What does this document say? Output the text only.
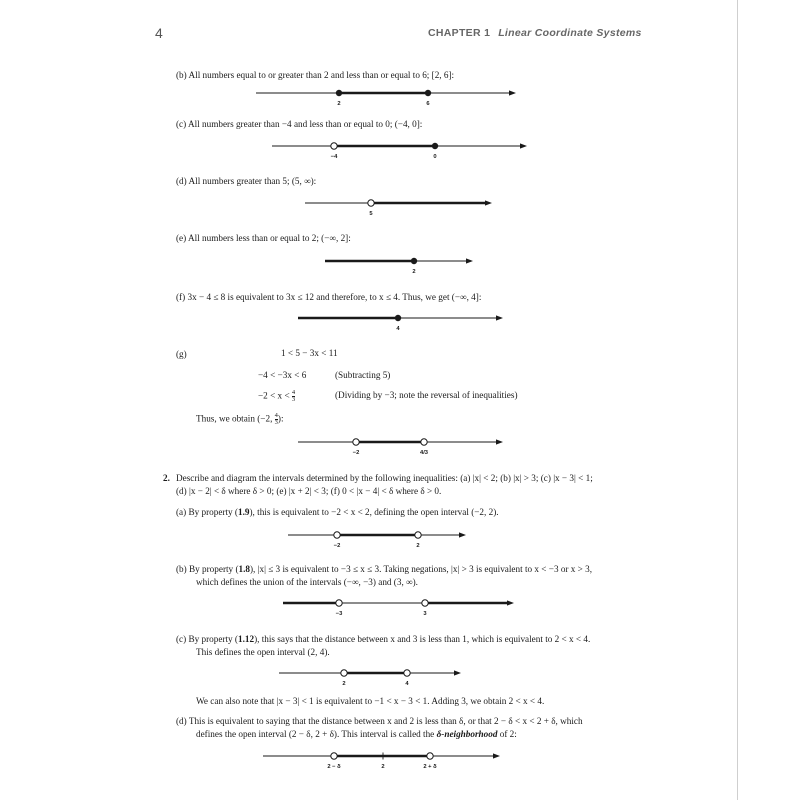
4	CHAPTER 1 Linear Coordinate Systems
(b) All numbers equal to or greater than 2 and less than or equal to 6; [2, 6]:
(c) All numbers greater than −4 and less than or equal to 0; (−4, 0]:
(d) All numbers greater than 5; (5, ∞):
(e) All numbers less than or equal to 2; (−∞, 2]:
(f) 3x − 4 ≤ 8 is equivalent to 3x ≤ 12 and therefore, to x ≤ 4. Thus, we get (−∞, 4]:
(g)	1 < 5 − 3x < 11
−4 < −3x < 6	(Subtracting 5)
$-2 < x < \frac{4}{3}$	(Dividing by −3; note the reversal of inequalities)
Thus, we obtain (−2, $\frac{4}{3}$ ):
2. Describe and diagram the intervals determined by the following inequalities: (a) |x| < 2; (b) |x| > 3; (c) |x − 3| < 1;
(d) |x − 2| < δ where δ > 0; (e) |x + 2| < 3; (f) 0 < |x − 4| < δ where δ > 0.
(a) By property (1.9), this is equivalent to −2 < x < 2, defining the open interval (−2, 2).
(b) By property (1.8), |x| ≤ 3 is equivalent to −3 ≤ x ≤ 3. Taking negations, |x| > 3 is equivalent to x < −3 or x > 3,
which defines the union of the intervals (−∞, −3) and (3, ∞).
(c) By property (1.12), this says that the distance between x and 3 is less than 1, which is equivalent to 2 < x < 4.
This defines the open interval (2, 4).
We can also note that |x − 3| < 1 is equivalent to −1 < x − 3 < 1. Adding 3, we obtain 2 < x < 4.
(d) This is equivalent to saying that the distance between x and 2 is less than δ, or that 2 − δ < x < 2 + δ, which
defines the open interval (2 − δ, 2 + δ). This interval is called the δ-neighborhood of 2:
2	6
−4	0
5
2
4
−2	4/3
−2	2
−3	3
2	4
2 − δ	2	2 + δ
